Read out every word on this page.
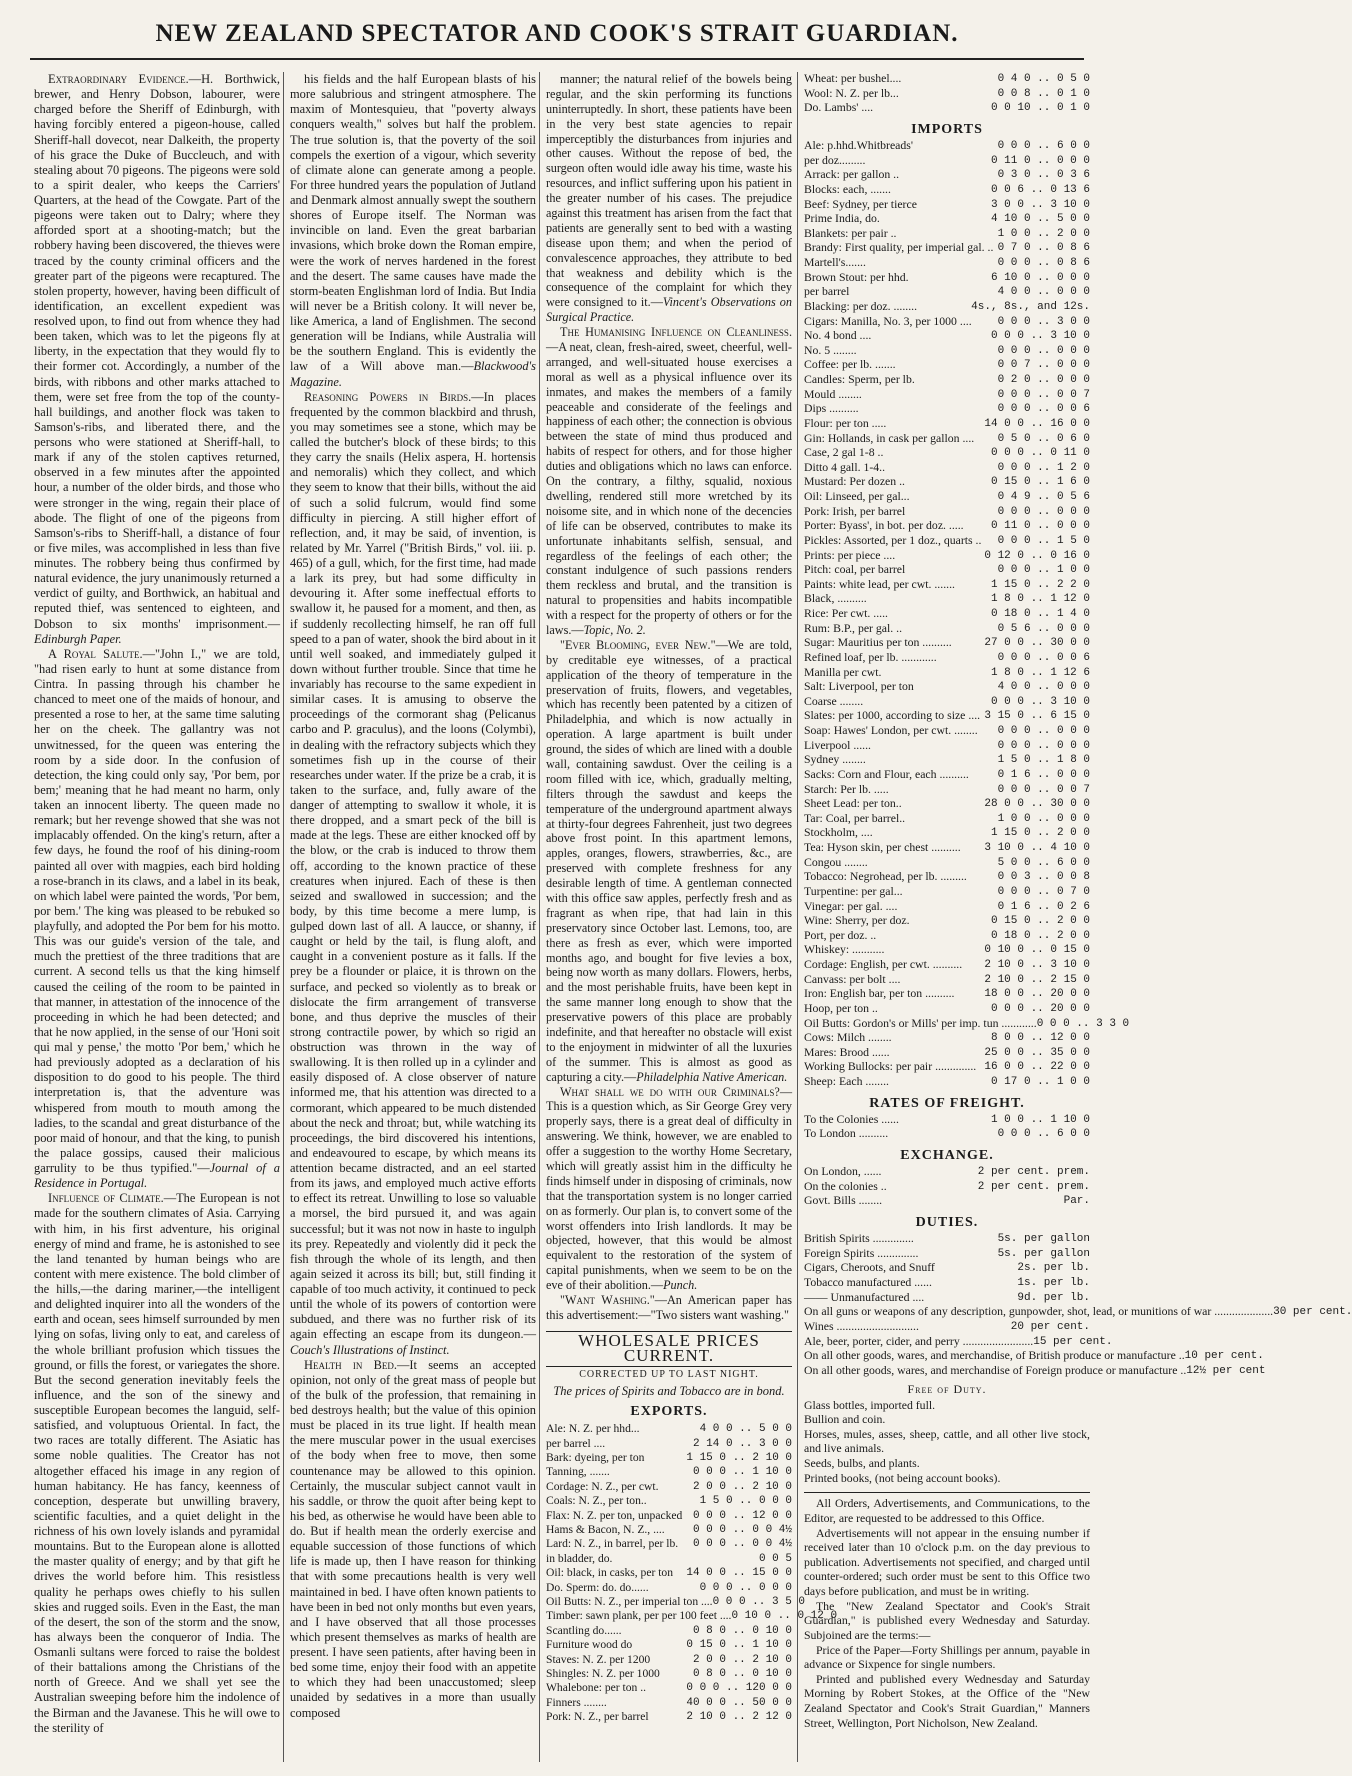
NEW ZEALAND SPECTATOR AND COOK'S STRAIT GUARDIAN.

Extraordinary Evidence.—H. Borthwick, brewer, and Henry Dobson, labourer, were charged before the Sheriff of Edinburgh, with having forcibly entered a pigeon-house, called Sheriff-hall dovecot, near Dalkeith, the property of his grace the Duke of Buccleuch, and with stealing about 70 pigeons. The pigeons were sold to a spirit dealer, who keeps the Carriers' Quarters, at the head of the Cowgate. Part of the pigeons were taken out to Dalry; where they afforded sport at a shooting-match; but the robbery having been discovered, the thieves were traced by the county criminal officers and the greater part of the pigeons were recaptured. The stolen property, however, having been difficult of identification, an excellent expedient was resolved upon, to find out from whence they had been taken, which was to let the pigeons fly at liberty, in the expectation that they would fly to their former cot. Accordingly, a number of the birds, with ribbons and other marks attached to them, were set free from the top of the county-hall buildings, and another flock was taken to Samson's-ribs, and liberated there, and the persons who were stationed at Sheriff-hall, to mark if any of the stolen captives returned, observed in a few minutes after the appointed hour, a number of the older birds, and those who were stronger in the wing, regain their place of abode. The flight of one of the pigeons from Samson's-ribs to Sheriff-hall, a distance of four or five miles, was accomplished in less than five minutes. The robbery being thus confirmed by natural evidence, the jury unanimously returned a verdict of guilty, and Borthwick, an habitual and reputed thief, was sentenced to eighteen, and Dobson to six months' imprisonment.—Edinburgh Paper.

A Royal Salute.—"John I.," we are told, "had risen early to hunt at some distance from Cintra. In passing through his chamber he chanced to meet one of the maids of honour, and presented a rose to her, at the same time saluting her on the cheek. The gallantry was not unwitnessed, for the queen was entering the room by a side door. In the confusion of detection, the king could only say, 'Por bem, por bem;' meaning that he had meant no harm, only taken an innocent liberty. The queen made no remark; but her revenge showed that she was not implacably offended. On the king's return, after a few days, he found the roof of his dining-room painted all over with magpies, each bird holding a rose-branch in its claws, and a label in its beak, on which label were painted the words, 'Por bem, por bem.' The king was pleased to be rebuked so playfully, and adopted the Por bem for his motto. This was our guide's version of the tale, and much the prettiest of the three traditions that are current. A second tells us that the king himself caused the ceiling of the room to be painted in that manner, in attestation of the innocence of the proceeding in which he had been detected; and that he now applied, in the sense of our 'Honi soit qui mal y pense,' the motto 'Por bem,' which he had previously adopted as a declaration of his disposition to do good to his people. The third interpretation is, that the adventure was whispered from mouth to mouth among the ladies, to the scandal and great disturbance of the poor maid of honour, and that the king, to punish the palace gossips, caused their malicious garrulity to be thus typified."—Journal of a Residence in Portugal.

Influence of Climate.—The European is not made for the southern climates of Asia. Carrying with him, in his first adventure, his original energy of mind and frame, he is astonished to see the land tenanted by human beings who are content with mere existence. The bold climber of the hills,—the daring mariner,—the intelligent and delighted inquirer into all the wonders of the earth and ocean, sees himself surrounded by men lying on sofas, living only to eat, and careless of the whole brilliant profusion which tissues the ground, or fills the forest, or variegates the shore. But the second generation inevitably feels the influence, and the son of the sinewy and susceptible European becomes the languid, self-satisfied, and voluptuous Oriental. In fact, the two races are totally different. The Asiatic has some noble qualities. The Creator has not altogether effaced his image in any region of human habitancy. He has fancy, keenness of conception, desperate but unwilling bravery, scientific faculties, and a quiet delight in the richness of his own lovely islands and pyramidal mountains. But to the European alone is allotted the master quality of energy; and by that gift he drives the world before him. This resistless quality he perhaps owes chiefly to his sullen skies and rugged soils. Even in the East, the man of the desert, the son of the storm and the snow, has always been the conqueror of India. The Osmanli sultans were forced to raise the boldest of their battalions among the Christians of the north of Greece. And we shall yet see the Australian sweeping before him the indolence of the Birman and the Javanese. This he will owe to the sterility of

his fields and the half European blasts of his more salubrious and stringent atmosphere. The maxim of Montesquieu, that "poverty always conquers wealth," solves but half the problem. The true solution is, that the poverty of the soil compels the exertion of a vigour, which severity of climate alone can generate among a people. For three hundred years the population of Jutland and Denmark almost annually swept the southern shores of Europe itself. The Norman was invincible on land. Even the great barbarian invasions, which broke down the Roman empire, were the work of nerves hardened in the forest and the desert. The same causes have made the storm-beaten Englishman lord of India. But India will never be a British colony. It will never be, like America, a land of Englishmen. The second generation will be Indians, while Australia will be the southern England. This is evidently the law of a Will above man.—Blackwood's Magazine.

Reasoning Powers in Birds.—In places frequented by the common blackbird and thrush, you may sometimes see a stone, which may be called the butcher's block of these birds; to this they carry the snails (Helix aspera, H. hortensis and nemoralis) which they collect, and which they seem to know that their bills, without the aid of such a solid fulcrum, would find some difficulty in piercing. A still higher effort of reflection, and, it may be said, of invention, is related by Mr. Yarrel ("British Birds," vol. iii. p. 465) of a gull, which, for the first time, had made a lark its prey, but had some difficulty in devouring it. After some ineffectual efforts to swallow it, he paused for a moment, and then, as if suddenly recollecting himself, he ran off full speed to a pan of water, shook the bird about in it until well soaked, and immediately gulped it down without further trouble. Since that time he invariably has recourse to the same expedient in similar cases. It is amusing to observe the proceedings of the cormorant shag (Pelicanus carbo and P. graculus), and the loons (Colymbi), in dealing with the refractory subjects which they sometimes fish up in the course of their researches under water. If the prize be a crab, it is taken to the surface, and, fully aware of the danger of attempting to swallow it whole, it is there dropped, and a smart peck of the bill is made at the legs. These are either knocked off by the blow, or the crab is induced to throw them off, according to the known practice of these creatures when injured. Each of these is then seized and swallowed in succession; and the body, by this time become a mere lump, is gulped down last of all. A laucce, or shanny, if caught or held by the tail, is flung aloft, and caught in a convenient posture as it falls. If the prey be a flounder or plaice, it is thrown on the surface, and pecked so violently as to break or dislocate the firm arrangement of transverse bone, and thus deprive the muscles of their strong contractile power, by which so rigid an obstruction was thrown in the way of swallowing. It is then rolled up in a cylinder and easily disposed of. A close observer of nature informed me, that his attention was directed to a cormorant, which appeared to be much distended about the neck and throat; but, while watching its proceedings, the bird discovered his intentions, and endeavoured to escape, by which means its attention became distracted, and an eel started from its jaws, and employed much active efforts to effect its retreat. Unwilling to lose so valuable a morsel, the bird pursued it, and was again successful; but it was not now in haste to ingulph its prey. Repeatedly and violently did it peck the fish through the whole of its length, and then again seized it across its bill; but, still finding it capable of too much activity, it continued to peck until the whole of its powers of contortion were subdued, and there was no further risk of its again effecting an escape from its dungeon.—Couch's Illustrations of Instinct.

Health in Bed.—It seems an accepted opinion, not only of the great mass of people but of the bulk of the profession, that remaining in bed destroys health; but the value of this opinion must be placed in its true light. If health mean the mere muscular power in the usual exercises of the body when free to move, then some countenance may be allowed to this opinion. Certainly, the muscular subject cannot vault in his saddle, or throw the quoit after being kept to his bed, as otherwise he would have been able to do. But if health mean the orderly exercise and equable succession of those functions of which life is made up, then I have reason for thinking that with some precautions health is very well maintained in bed. I have often known patients to have been in bed not only months but even years, and I have observed that all those processes which present themselves as marks of health are present. I have seen patients, after having been in bed some time, enjoy their food with an appetite to which they had been unaccustomed; sleep unaided by sedatives in a more than usually composed

manner; the natural relief of the bowels being regular, and the skin performing its functions uninterruptedly. In short, these patients have been in the very best state agencies to repair imperceptibly the disturbances from injuries and other causes. Without the repose of bed, the surgeon often would idle away his time, waste his resources, and inflict suffering upon his patient in the greater number of his cases. The prejudice against this treatment has arisen from the fact that patients are generally sent to bed with a wasting disease upon them; and when the period of convalescence approaches, they attribute to bed that weakness and debility which is the consequence of the complaint for which they were consigned to it.—Vincent's Observations on Surgical Practice.

The Humanising Influence on Cleanliness.—A neat, clean, fresh-aired, sweet, cheerful, well-arranged, and well-situated house exercises a moral as well as a physical influence over its inmates, and makes the members of a family peaceable and considerate of the feelings and happiness of each other; the connection is obvious between the state of mind thus produced and habits of respect for others, and for those higher duties and obligations which no laws can enforce. On the contrary, a filthy, squalid, noxious dwelling, rendered still more wretched by its noisome site, and in which none of the decencies of life can be observed, contributes to make its unfortunate inhabitants selfish, sensual, and regardless of the feelings of each other; the constant indulgence of such passions renders them reckless and brutal, and the transition is natural to propensities and habits incompatible with a respect for the property of others or for the laws.—Topic, No. 2.

"Ever Blooming, ever New."—We are told, by creditable eye witnesses, of a practical application of the theory of temperature in the preservation of fruits, flowers, and vegetables, which has recently been patented by a citizen of Philadelphia, and which is now actually in operation. A large apartment is built under ground, the sides of which are lined with a double wall, containing sawdust. Over the ceiling is a room filled with ice, which, gradually melting, filters through the sawdust and keeps the temperature of the underground apartment always at thirty-four degrees Fahrenheit, just two degrees above frost point. In this apartment lemons, apples, oranges, flowers, strawberries, &c., are preserved with complete freshness for any desirable length of time. A gentleman connected with this office saw apples, perfectly fresh and as fragrant as when ripe, that had lain in this preservatory since October last. Lemons, too, are there as fresh as ever, which were imported months ago, and bought for five levies a box, being now worth as many dollars. Flowers, herbs, and the most perishable fruits, have been kept in the same manner long enough to show that the preservative powers of this place are probably indefinite, and that hereafter no obstacle will exist to the enjoyment in midwinter of all the luxuries of the summer. This is almost as good as capturing a city.—Philadelphia Native American.

What shall we do with our Criminals?—This is a question which, as Sir George Grey very properly says, there is a great deal of difficulty in answering. We think, however, we are enabled to offer a suggestion to the worthy Home Secretary, which will greatly assist him in the difficulty he finds himself under in disposing of criminals, now that the transportation system is no longer carried on as formerly. Our plan is, to convert some of the worst offenders into Irish landlords. It may be objected, however, that this would be almost equivalent to the restoration of the system of capital punishments, when we seem to be on the eve of their abolition.—Punch.

"Want Washing."—An American paper has this advertisement:—"Two sisters want washing."

WHOLESALE PRICES CURRENT.
CORRECTED UP TO LAST NIGHT.
The prices of Spirits and Tobacco are in bond.
EXPORTS.
Ale: N. Z. per hhd...	4 0 0 .. 5 0 0
per barrel ....	2 14 0 .. 3 0 0
Bark: dyeing, per ton	1 15 0 .. 2 10 0
Tanning, .......	0 0 0 .. 1 10 0
Cordage: N. Z., per cwt.	2 0 0 .. 2 10 0
Coals: N. Z., per ton..	1 5 0 .. 0 0 0
Flax: N. Z. per ton, unpacked 0 0 0 .. 12 0 0
Hams & Bacon, N. Z., ....	0 0 0 .. 0 0 4½
Lard: N. Z., in barrel, per lb.	0 0 0 .. 0 0 4½
in bladder, do.	0 0 5
Oil: black, in casks, per ton	14 0 0 .. 15 0 0
Do. Sperm: do. do......	0 0 0 .. 0 0 0
Oil Butts: N. Z., per imperial ton .... 0 0 0 .. 3 5 0
Timber: sawn plank, per per 100 feet .... 0 10 0 .. 0 12 0
Scantling do......	0 8 0 .. 0 10 0
Furniture wood do	0 15 0 .. 1 10 0
Staves: N. Z. per 1200	2 0 0 .. 2 10 0
Shingles: N. Z. per 1000	0 8 0 .. 0 10 0
Whalebone: per ton ..	0 0 0 .. 120 0 0
Finners ........	40 0 0 .. 50 0 0
Pork: N. Z., per barrel	2 10 0 .. 2 12 0
Wheat: per bushel....	0 4 0 .. 0 5 0
Wool: N. Z. per lb...	0 0 8 .. 0 1 0
Do. Lambs' ....	0 0 10 .. 0 1 0
IMPORTS
Ale: p.hhd.Whitbreads'	0 0 0 .. 6 0 0
per doz.........	0 11 0 .. 0 0 0
Arrack: per gallon ..	0 3 0 .. 0 3 6
Blocks: each, .......	0 0 6 .. 0 13 6
Beef: Sydney, per tierce	3 0 0 .. 3 10 0
Prime India, do.	4 10 0 .. 5 0 0
Blankets: per pair ..	1 0 0 .. 2 0 0
Brandy: First quality, per imperial gal. .. 0 7 0 .. 0 8 6
Martell's.......	0 0 0 .. 0 8 6
Brown Stout: per hhd.	6 10 0 .. 0 0 0
per barrel	4 0 0 .. 0 0 0
Blacking: per doz. ........	4s., 8s., and 12s.
Cigars: Manilla, No. 3, per 1000 ....	0 0 0 .. 3 0 0
No. 4 bond ....	0 0 0 .. 3 10 0
No. 5 ........	0 0 0 .. 0 0 0
Coffee: per lb. .......	0 0 7 .. 0 0 0
Candles: Sperm, per lb.	0 2 0 .. 0 0 0
Mould ........	0 0 0 .. 0 0 7
Dips ..........	0 0 0 .. 0 0 6
Flour: per ton .....	14 0 0 .. 16 0 0
Gin: Hollands, in cask per gallon ....	0 5 0 .. 0 6 0
Case, 2 gal 1-8 ..	0 0 0 .. 0 11 0
Ditto 4 gall. 1-4..	0 0 0 .. 1 2 0
Mustard: Per dozen ..	0 15 0 .. 1 6 0
Oil: Linseed, per gal...	0 4 9 .. 0 5 6
Pork: Irish, per barrel	0 0 0 .. 0 0 0
Porter: Byass', in bot. per doz. .....	0 11 0 .. 0 0 0
Pickles: Assorted, per 1 doz., quarts ..	0 0 0 .. 1 5 0
Prints: per piece ....	0 12 0 .. 0 16 0
Pitch: coal, per barrel	0 0 0 .. 1 0 0
Paints: white lead, per cwt. .......	1 15 0 .. 2 2 0
Black, ..........	1 8 0 .. 1 12 0
Rice: Per cwt. .....	0 18 0 .. 1 4 0
Rum: B.P., per gal. ..	0 5 6 .. 0 0 0
Sugar: Mauritius per ton ..........	27 0 0 .. 30 0 0
Refined loaf, per lb. ............	0 0 0 .. 0 0 6
Manilla per cwt.	1 8 0 .. 1 12 6
Salt: Liverpool, per ton	4 0 0 .. 0 0 0
Coarse ........	0 0 0 .. 3 10 0
Slates: per 1000, according to size .... 3 15 0 .. 6 15 0
Soap: Hawes' London, per cwt. ........	0 0 0 .. 0 0 0
Liverpool ......	0 0 0 .. 0 0 0
Sydney ........	1 5 0 .. 1 8 0
Sacks: Corn and Flour, each ..........	0 1 6 .. 0 0 0
Starch: Per lb. .....	0 0 0 .. 0 0 7
Sheet Lead: per ton..	28 0 0 .. 30 0 0
Tar: Coal, per barrel..	1 0 0 .. 0 0 0
Stockholm, ....	1 15 0 .. 2 0 0
Tea: Hyson skin, per chest ..........	3 10 0 .. 4 10 0
Congou ........	5 0 0 .. 6 0 0
Tobacco: Negrohead, per lb. .........	0 0 3 .. 0 0 8
Turpentine: per gal...	0 0 0 .. 0 7 0
Vinegar: per gal. ....	0 1 6 .. 0 2 6
Wine: Sherry, per doz.	0 15 0 .. 2 0 0
Port, per doz. ..	0 18 0 .. 2 0 0
Whiskey: ...........	0 10 0 .. 0 15 0
Cordage: English, per cwt. ..........	2 10 0 .. 3 10 0
Canvass: per bolt ....	2 10 0 .. 2 15 0
Iron: English bar, per ton ..........	18 0 0 .. 20 0 0
Hoop, per ton ..	0 0 0 .. 20 0 0
Oil Butts: Gordon's or Mills' per imp. tun ............ 0 0 0 .. 3 3 0
Cows: Milch ........	8 0 0 .. 12 0 0
Mares: Brood ......	25 0 0 .. 35 0 0
Working Bullocks: per pair .............. 16 0 0 .. 22 0 0
Sheep: Each ........	0 17 0 .. 1 0 0
RATES OF FREIGHT.
To the Colonies ......	1 0 0 .. 1 10 0
To London ..........	0 0 0 .. 6 0 0
EXCHANGE.
On London, ......	2 per cent. prem.
On the colonies ..	2 per cent. prem.
Govt. Bills ........	Par.
DUTIES.
British Spirits ..............	5s. per gallon
Foreign Spirits ..............	5s. per gallon
Cigars, Cheroots, and Snuff	2s. per lb.
Tobacco manufactured ......	1s. per lb.
—— Unmanufactured ....	9d. per lb.
On all guns or weapons of any description, gunpowder, shot, lead, or munitions of war .................... 30 per cent.
Wines ............................	20 per cent.
Ale, beer, porter, cider, and perry ........................ 15 per cent.
On all other goods, wares, and merchandise, of British produce or manufacture .. 10 per cent.
On all other goods, wares, and merchandise of Foreign produce or manufacture .. 12½ per cent
Free of Duty.
Glass bottles, imported full.
Bullion and coin.
Horses, mules, asses, sheep, cattle, and all other live stock, and live animals.
Seeds, bulbs, and plants.
Printed books, (not being account books).

All Orders, Advertisements, and Communications, to the Editor, are requested to be addressed to this Office.

Advertisements will not appear in the ensuing number if received later than 10 o'clock p.m. on the day previous to publication. Advertisements not specified, and charged until counter-ordered; such order must be sent to this Office two days before publication, and must be in writing.

The "New Zealand Spectator and Cook's Strait Guardian," is published every Wednesday and Saturday. Subjoined are the terms:—

Price of the Paper—Forty Shillings per annum, payable in advance or Sixpence for single numbers.

Printed and published every Wednesday and Saturday Morning by Robert Stokes, at the Office of the "New Zealand Spectator and Cook's Strait Guardian," Manners Street, Wellington, Port Nicholson, New Zealand.
